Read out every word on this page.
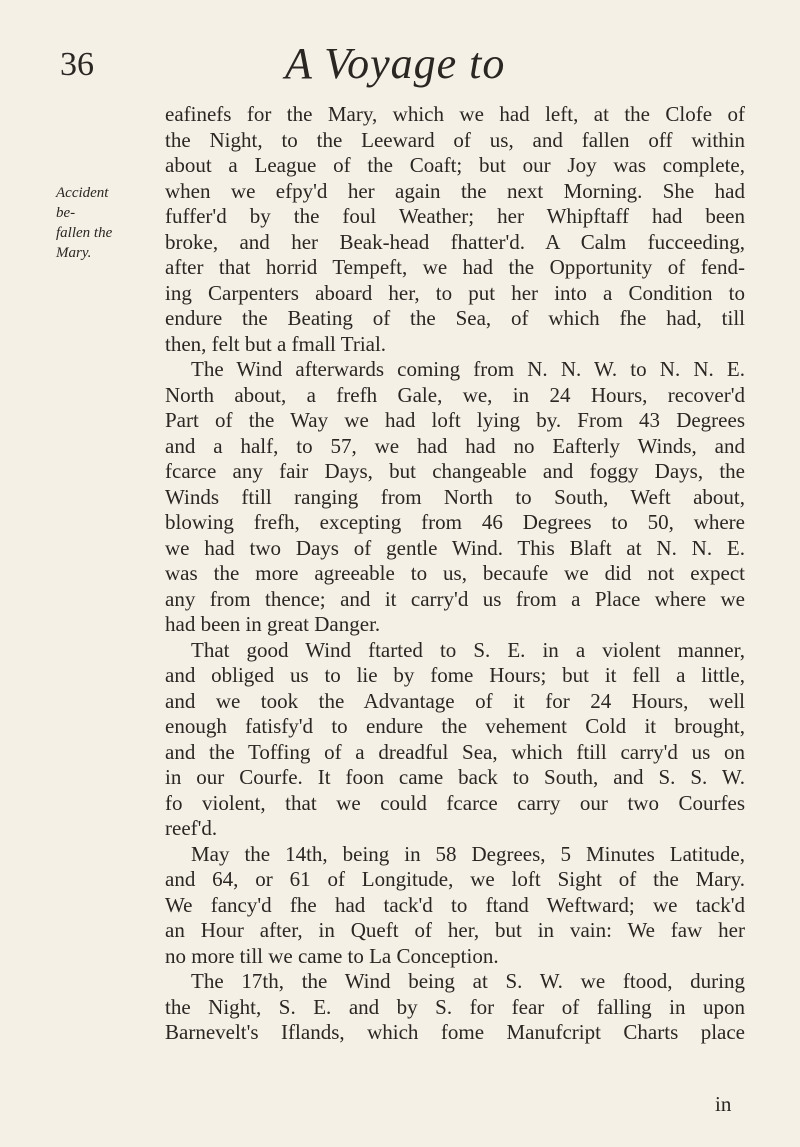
36	A Voyage to
Accident be-
fallen the
Mary.
eafinefs for the Mary, which we had left, at the Clofe of
the Night, to the Leeward of us, and fallen off within
about a League of the Coaft; but our Joy was complete,
when we efpy'd her again the next Morning. She had
fuffer'd by the foul Weather; her Whipftaff had been
broke, and her Beak-head fhatter'd. A Calm fucceeding,
after that horrid Tempeft, we had the Opportunity of fend-
ing Carpenters aboard her, to put her into a Condition to
endure the Beating of the Sea, of which fhe had, till
then, felt but a fmall Trial.
The Wind afterwards coming from N. N. W. to N. N. E.
North about, a frefh Gale, we, in 24 Hours, recover'd
Part of the Way we had loft lying by. From 43 Degrees
and a half, to 57, we had had no Eafterly Winds, and
fcarce any fair Days, but changeable and foggy Days, the
Winds ftill ranging from North to South, Weft about,
blowing frefh, excepting from 46 Degrees to 50, where
we had two Days of gentle Wind. This Blaft at N. N. E.
was the more agreeable to us, becaufe we did not expect
any from thence; and it carry'd us from a Place where we
had been in great Danger.
That good Wind ftarted to S. E. in a violent manner,
and obliged us to lie by fome Hours; but it fell a little,
and we took the Advantage of it for 24 Hours, well
enough fatisfy'd to endure the vehement Cold it brought,
and the Toffing of a dreadful Sea, which ftill carry'd us on
in our Courfe. It foon came back to South, and S. S. W.
fo violent, that we could fcarce carry our two Courfes
reef'd.
May the 14th, being in 58 Degrees, 5 Minutes Latitude,
and 64, or 61 of Longitude, we loft Sight of the Mary.
We fancy'd fhe had tack'd to ftand Weftward; we tack'd
an Hour after, in Queft of her, but in vain: We faw her
no more till we came to La Conception.
The 17th, the Wind being at S. W. we ftood, during
the Night, S. E. and by S. for fear of falling in upon
Barnevelt's Iflands, which fome Manufcript Charts place
in
